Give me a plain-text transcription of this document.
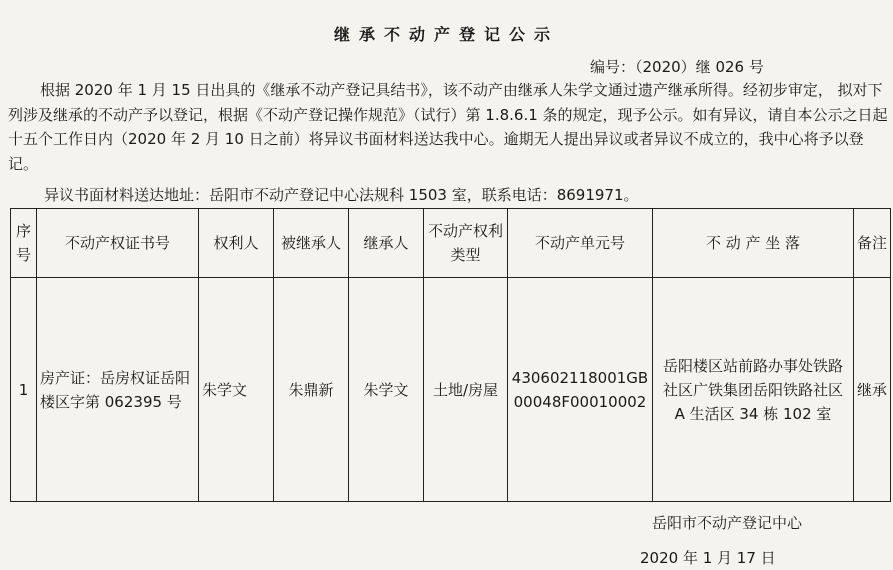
继承不动产登记公示
编号：（2020）继 026 号
根据 2020 年 1 月 15 日出具的《继承不动产登记具结书》，该不动产由继承人朱学文通过遗产继承所得。经初步审定， 拟对下列涉及继承的不动产予以登记，根据《不动产登记操作规范》（试行）第 1.8.6.1 条的规定，现予公示。如有异议，请自本公示之日起十五个工作日内（2020 年 2 月 10 日之前）将异议书面材料送达我中心。逾期无人提出异议或者异议不成立的，我中心将予以登记。
异议书面材料送达地址：岳阳市不动产登记中心法规科 1503 室，联系电话：8691971。
序号	不动产权证书号	权利人	被继承人	继承人	不动产权利类型	不动产单元号	不 动 产 坐 落	备注
1	房产证：岳房权证岳阳楼区字第 062395 号	朱学文	朱鼎新	朱学文	土地/房屋	430602118001GB00048F00010002	岳阳楼区站前路办事处铁路社区广铁集团岳阳铁路社区 A 生活区 34 栋 102 室	继承
岳阳市不动产登记中心
2020 年 1 月 17 日
